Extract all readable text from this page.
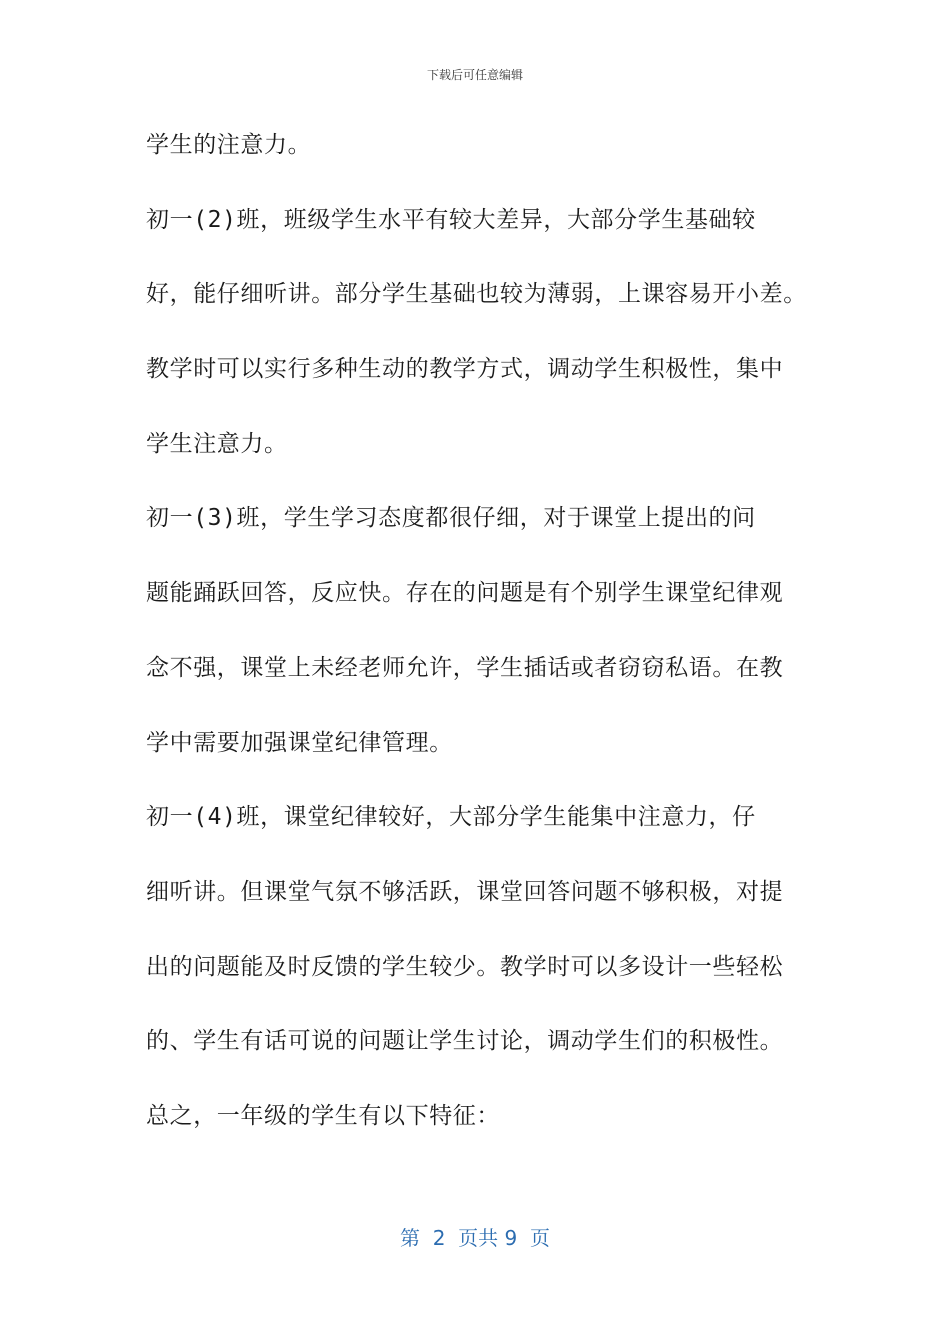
下载后可任意编辑
学生的注意力。
初一(2)班，班级学生水平有较大差异，大部分学生基础较
好，能仔细听讲。部分学生基础也较为薄弱，上课容易开小差。
教学时可以实行多种生动的教学方式，调动学生积极性，集中
学生注意力。
初一(3)班，学生学习态度都很仔细，对于课堂上提出的问
题能踊跃回答，反应快。存在的问题是有个别学生课堂纪律观
念不强，课堂上未经老师允许，学生插话或者窃窃私语。在教
学中需要加强课堂纪律管理。
初一(4)班，课堂纪律较好，大部分学生能集中注意力，仔
细听讲。但课堂气氛不够活跃，课堂回答问题不够积极，对提
出的问题能及时反馈的学生较少。教学时可以多设计一些轻松
的、学生有话可说的问题让学生讨论，调动学生们的积极性。
总之，一年级的学生有以下特征：
第  2  页共 9  页
